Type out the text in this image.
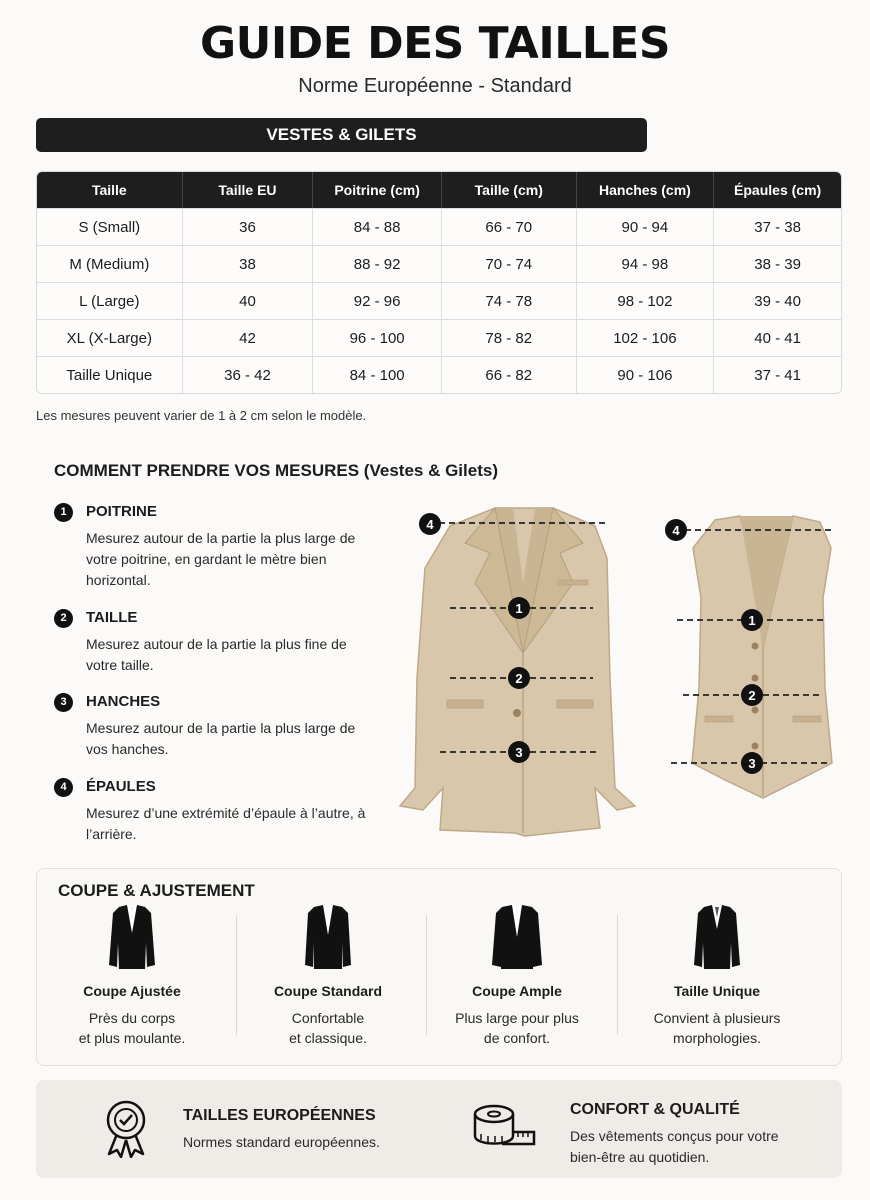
GUIDE DES TAILLES
Norme Européenne - Standard
VESTES & GILETS
Taille	Taille EU	Poitrine (cm)	Taille (cm)	Hanches (cm)	Épaules (cm)
S (Small)	36	84 - 88	66 - 70	90 - 94	37 - 38
M (Medium)	38	88 - 92	70 - 74	94 - 98	38 - 39
L (Large)	40	92 - 96	74 - 78	98 - 102	39 - 40
XL (X-Large)	42	96 - 100	78 - 82	102 - 106	40 - 41
Taille Unique	36 - 42	84 - 100	66 - 82	90 - 106	37 - 41
Les mesures peuvent varier de 1 à 2 cm selon le modèle.
COMMENT PRENDRE VOS MESURES (Vestes & Gilets)
1	POITRINE
Mesurez autour de la partie la plus large de votre poitrine, en gardant le mètre bien horizontal.
2	TAILLE
Mesurez autour de la partie la plus fine de votre taille.
3	HANCHES
Mesurez autour de la partie la plus large de vos hanches.
4	ÉPAULES
Mesurez d’une extrémité d’épaule à l’autre, à l’arrière.
4
1
2
3
4
1
2
3
COUPE & AJUSTEMENT
Coupe Ajustée
Près du corps
et plus moulante.
Coupe Standard
Confortable
et classique.
Coupe Ample
Plus large pour plus
de confort.
Taille Unique
Convient à plusieurs
morphologies.
TAILLES EUROPÉENNES
Normes standard européennes.
CONFORT & QUALITÉ
Des vêtements conçus pour votre
bien-être au quotidien.
